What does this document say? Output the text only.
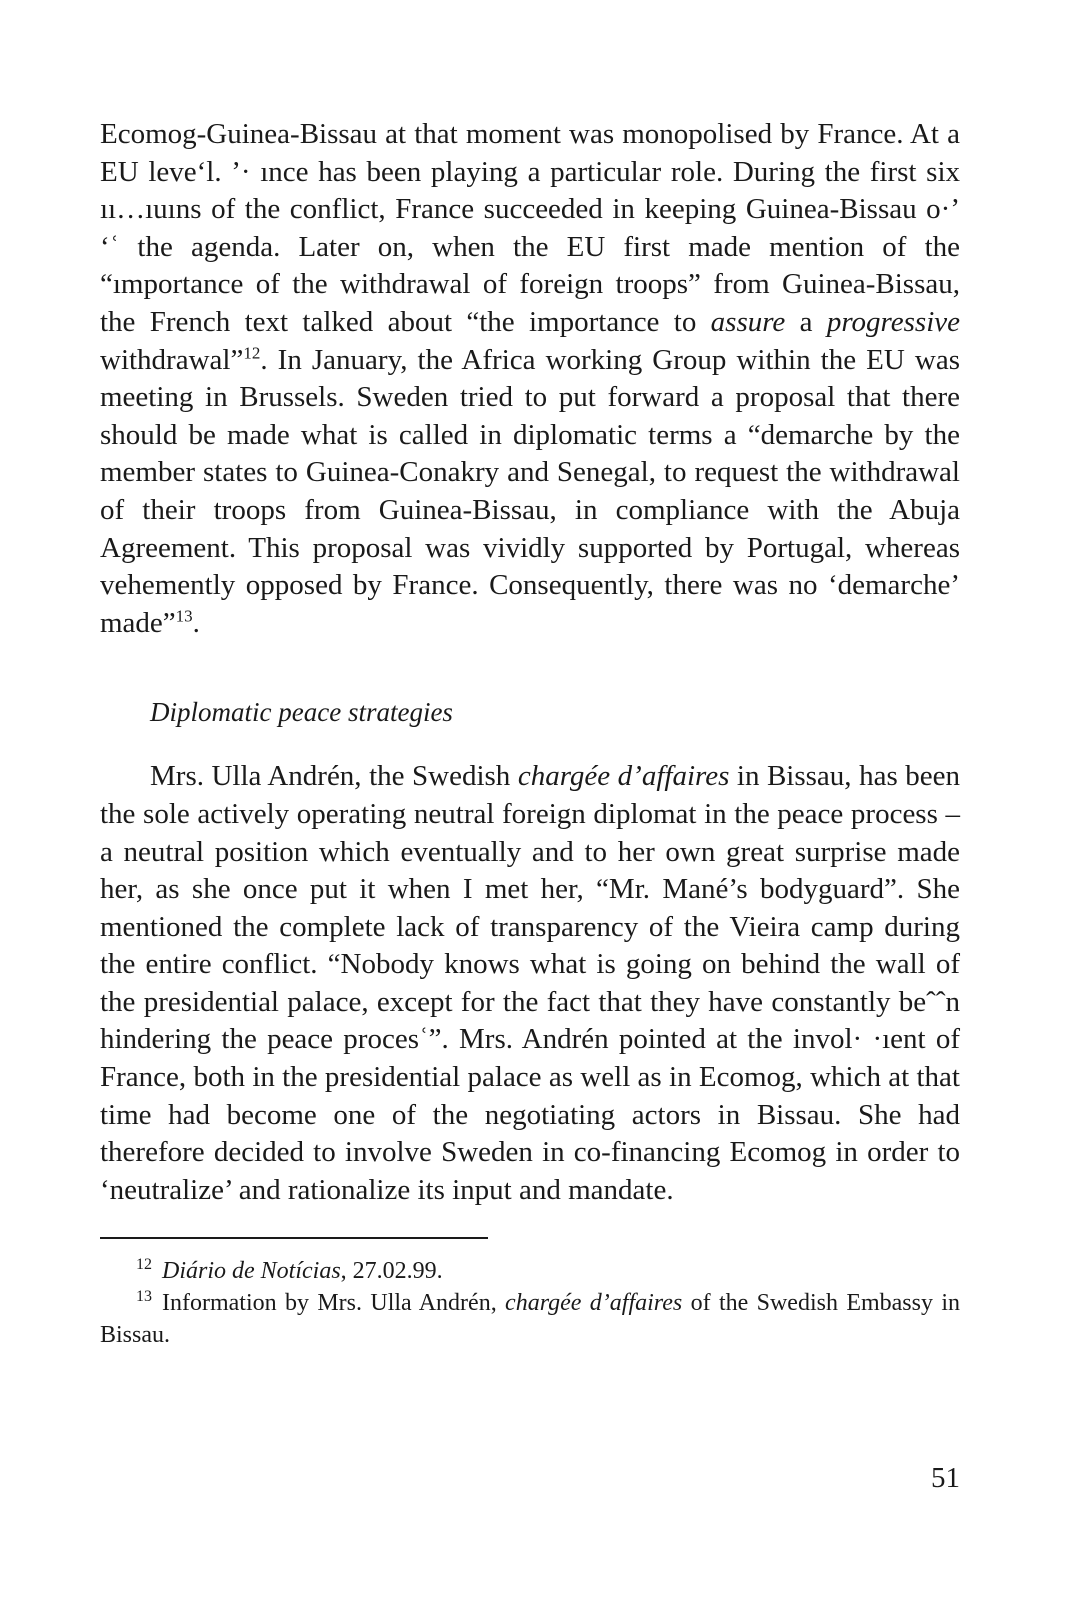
Ecomog-Guinea-Bissau at that moment was monopolised by France. At a EU leve‘l. ’· ınce has been playing a particular role. During the first six ıı…ıuıns of the conflict, France succeeded in keeping Guinea-Bissau o·’ ‘ʿ the agenda. Later on, when the EU first made mention of the “ımportance of the withdrawal of foreign troops” from Guinea-Bissau, the French text talked about “the importance to assure a progressive withdrawal”$^{12}$. In January, the Africa working Group within the EU was meeting in Brussels. Sweden tried to put forward a proposal that there should be made what is called in diplomatic terms a “demarche by the member states to Guinea-Conakry and Senegal, to request the withdrawal of their troops from Guinea-Bissau, in compliance with the Abuja Agreement. This proposal was vividly supported by Portugal, whereas vehemently opposed by France. Consequently, there was no ‘demarche’ made”$^{13}$.

Diplomatic peace strategies

Mrs. Ulla Andrén, the Swedish chargée d’affaires in Bissau, has been the sole actively operating neutral foreign diplomat in the peace process – a neutral position which eventually and to her own great surprise made her, as she once put it when I met her, “Mr. Mané’s bodyguard”. She mentioned the complete lack of transparency of the Vieira camp during the entire conflict. “Nobody knows what is going on behind the wall of the presidential palace, except for the fact that they have constantly beˆˆn hindering the peace procesʿ”. Mrs. Andrén pointed at the invol· ·ıent of France, both in the presidential palace as well as in Ecomog, which at that time had become one of the negotiating actors in Bissau. She had therefore decided to involve Sweden in co-financing Ecomog in order to ‘neutralize’ and rationalize its input and mandate.

$^{12}$ Diário de Notícias, 27.02.99.

$^{13}$ Information by Mrs. Ulla Andrén, chargée d’affaires of the Swedish Embassy in Bissau.

51
